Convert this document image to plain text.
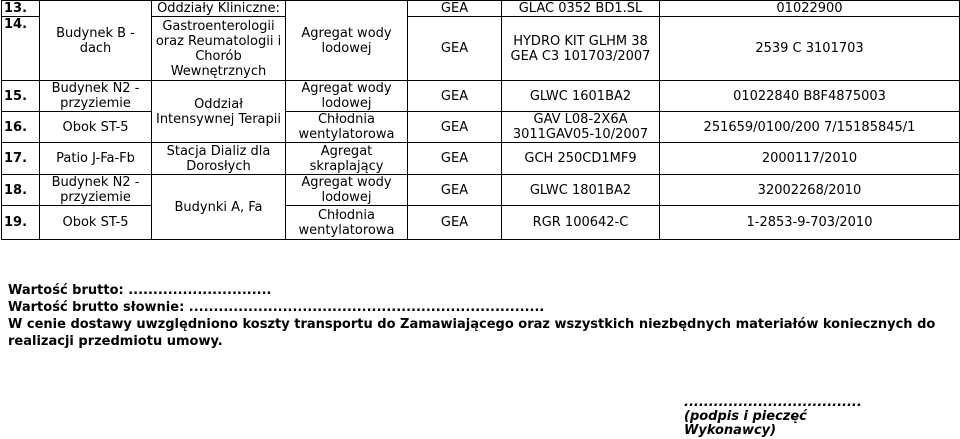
13.	Budynek B - dach	Oddziały Kliniczne:	Agregat wody lodowej	GEA	GLAC 0352 BD1.SL	01022900
14.		Gastroenterologii oraz Reumatologii i Chorób Wewnętrznych		GEA	HYDRO KIT GLHM 38 GEA C3 101703/2007	2539 C 3101703

15.	Budynek N2 - przyziemie	Oddział Intensywnej Terapii	Agregat wody lodowej	GEA	GLWC 1601BA2	01022840 B8F4875003
16.	Obok ST-5		Chłodnia wentylatorowa	GEA	GAV L08-2X6A 3011GAV05-10/2007	251659/0100/200 7/15185845/1
17.	Patio J-Fa-Fb	Stacja Dializ dla Dorosłych	Agregat skraplający	GEA	GCH 250CD1MF9	2000117/2010
18.	Budynek N2 - przyziemie	Budynki A, Fa	Agregat wody lodowej	GEA	GLWC 1801BA2	32002268/2010
19.	Obok ST-5		Chłodnia wentylatorowa	GEA	RGR 100642-C	1-2853-9-703/2010

Wartość brutto: .............................

Wartość brutto słownie: ........................................................................

W cenie dostawy uwzględniono koszty transportu do Zamawiającego oraz wszystkich niezbędnych materiałów koniecznych do realizacji przedmiotu umowy.

....................................

(podpis i pieczęć

Wykonawcy)
